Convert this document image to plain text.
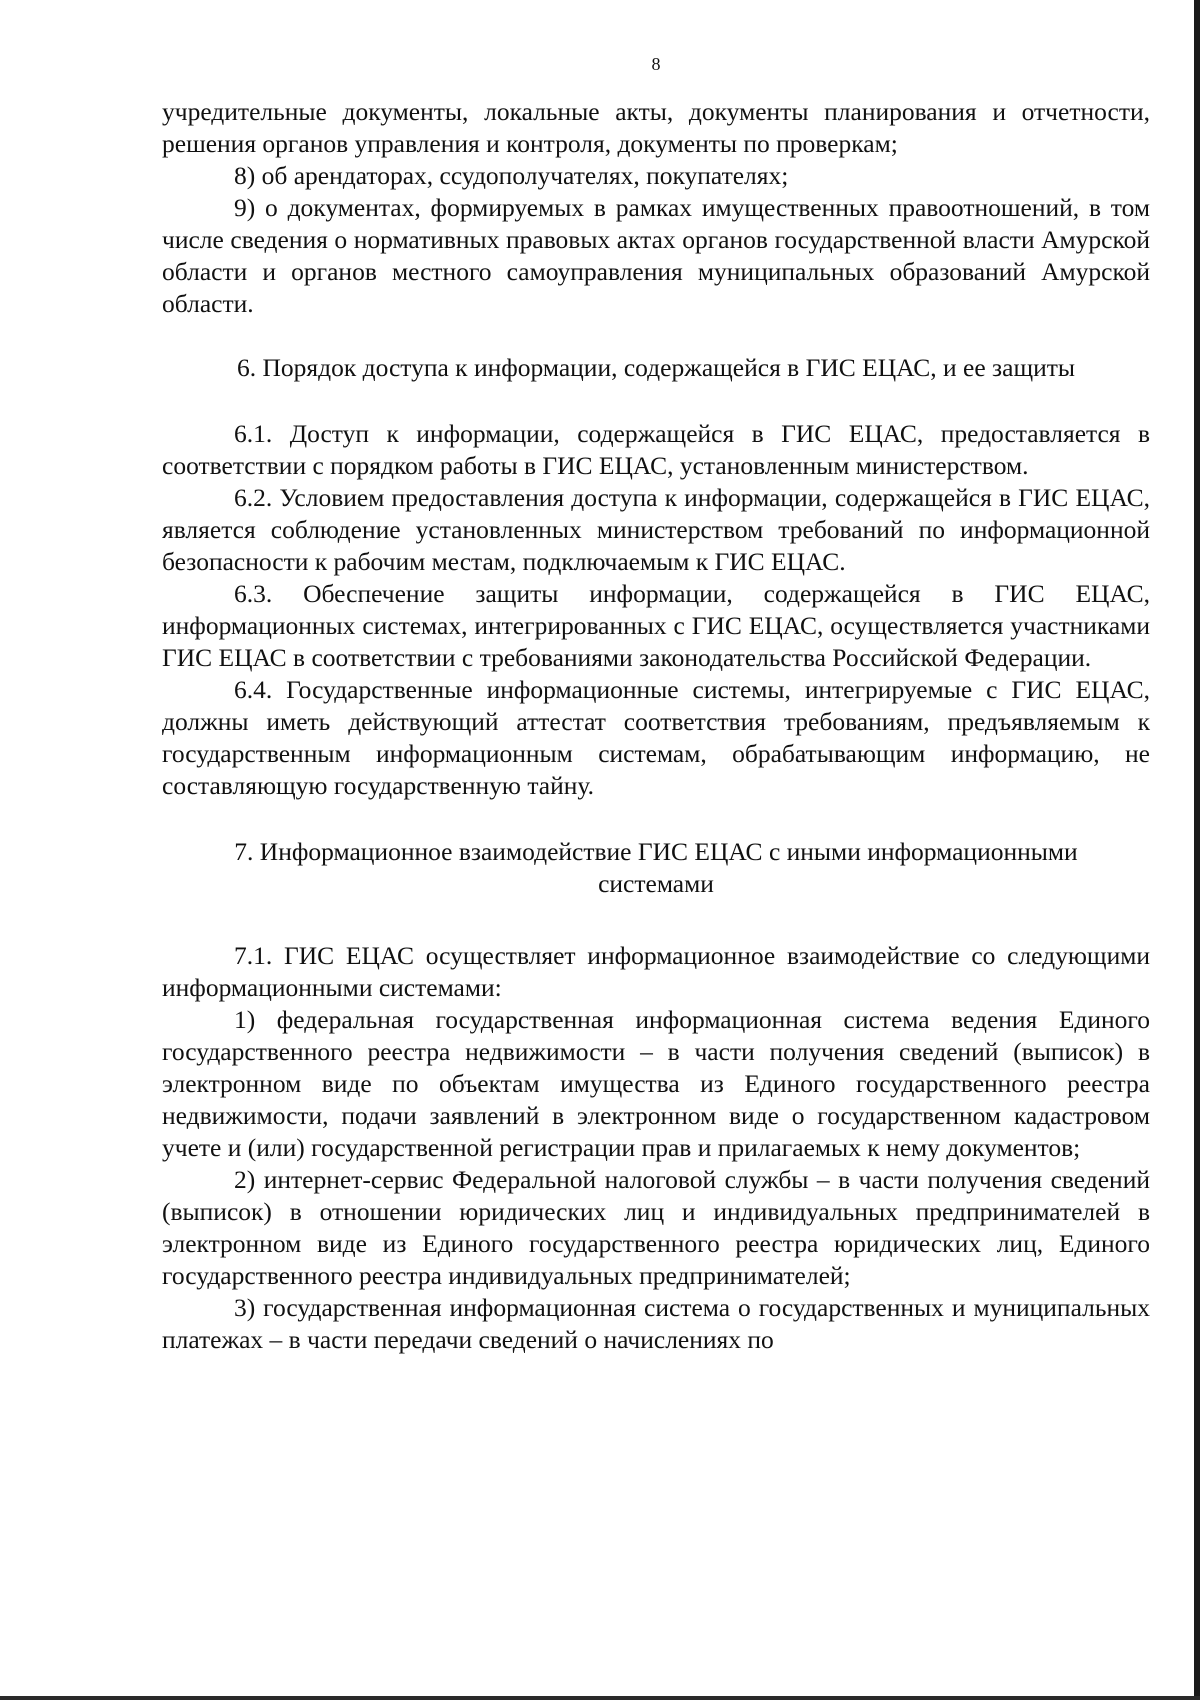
8

учредительные документы, локальные акты, документы планирования и отчетности, решения органов управления и контроля, документы по проверкам;

8) об арендаторах, ссудополучателях, покупателях;

9) о документах, формируемых в рамках имущественных правоотношений, в том числе сведения о нормативных правовых актах органов государственной власти Амурской области и органов местного самоуправления муниципальных образований Амурской области.

6. Порядок доступа к информации, содержащейся в ГИС ЕЦАС, и ее защиты

6.1. Доступ к информации, содержащейся в ГИС ЕЦАС, предоставляется в соответствии с порядком работы в ГИС ЕЦАС, установленным министерством.

6.2. Условием предоставления доступа к информации, содержащейся в ГИС ЕЦАС, является соблюдение установленных министерством требований по информационной безопасности к рабочим местам, подключаемым к ГИС ЕЦАС.

6.3. Обеспечение защиты информации, содержащейся в ГИС ЕЦАС, информационных системах, интегрированных с ГИС ЕЦАС, осуществляется участниками ГИС ЕЦАС в соответствии с требованиями законодательства Российской Федерации.

6.4. Государственные информационные системы, интегрируемые с ГИС ЕЦАС, должны иметь действующий аттестат соответствия требованиям, предъявляемым к государственным информационным системам, обрабатывающим информацию, не составляющую государственную тайну.

7. Информационное взаимодействие ГИС ЕЦАС с иными информационными
системами

7.1. ГИС ЕЦАС осуществляет информационное взаимодействие со следующими информационными системами:

1) федеральная государственная информационная система ведения Единого государственного реестра недвижимости – в части получения сведений (выписок) в электронном виде по объектам имущества из Единого государственного реестра недвижимости, подачи заявлений в электронном виде о государственном кадастровом учете и (или) государственной регистрации прав и прилагаемых к нему документов;

2) интернет-сервис Федеральной налоговой службы – в части получения сведений (выписок) в отношении юридических лиц и индивидуальных предпринимателей в электронном виде из Единого государственного реестра юридических лиц, Единого государственного реестра индивидуальных предпринимателей;

3) государственная информационная система о государственных и муниципальных платежах – в части передачи сведений о начислениях по
